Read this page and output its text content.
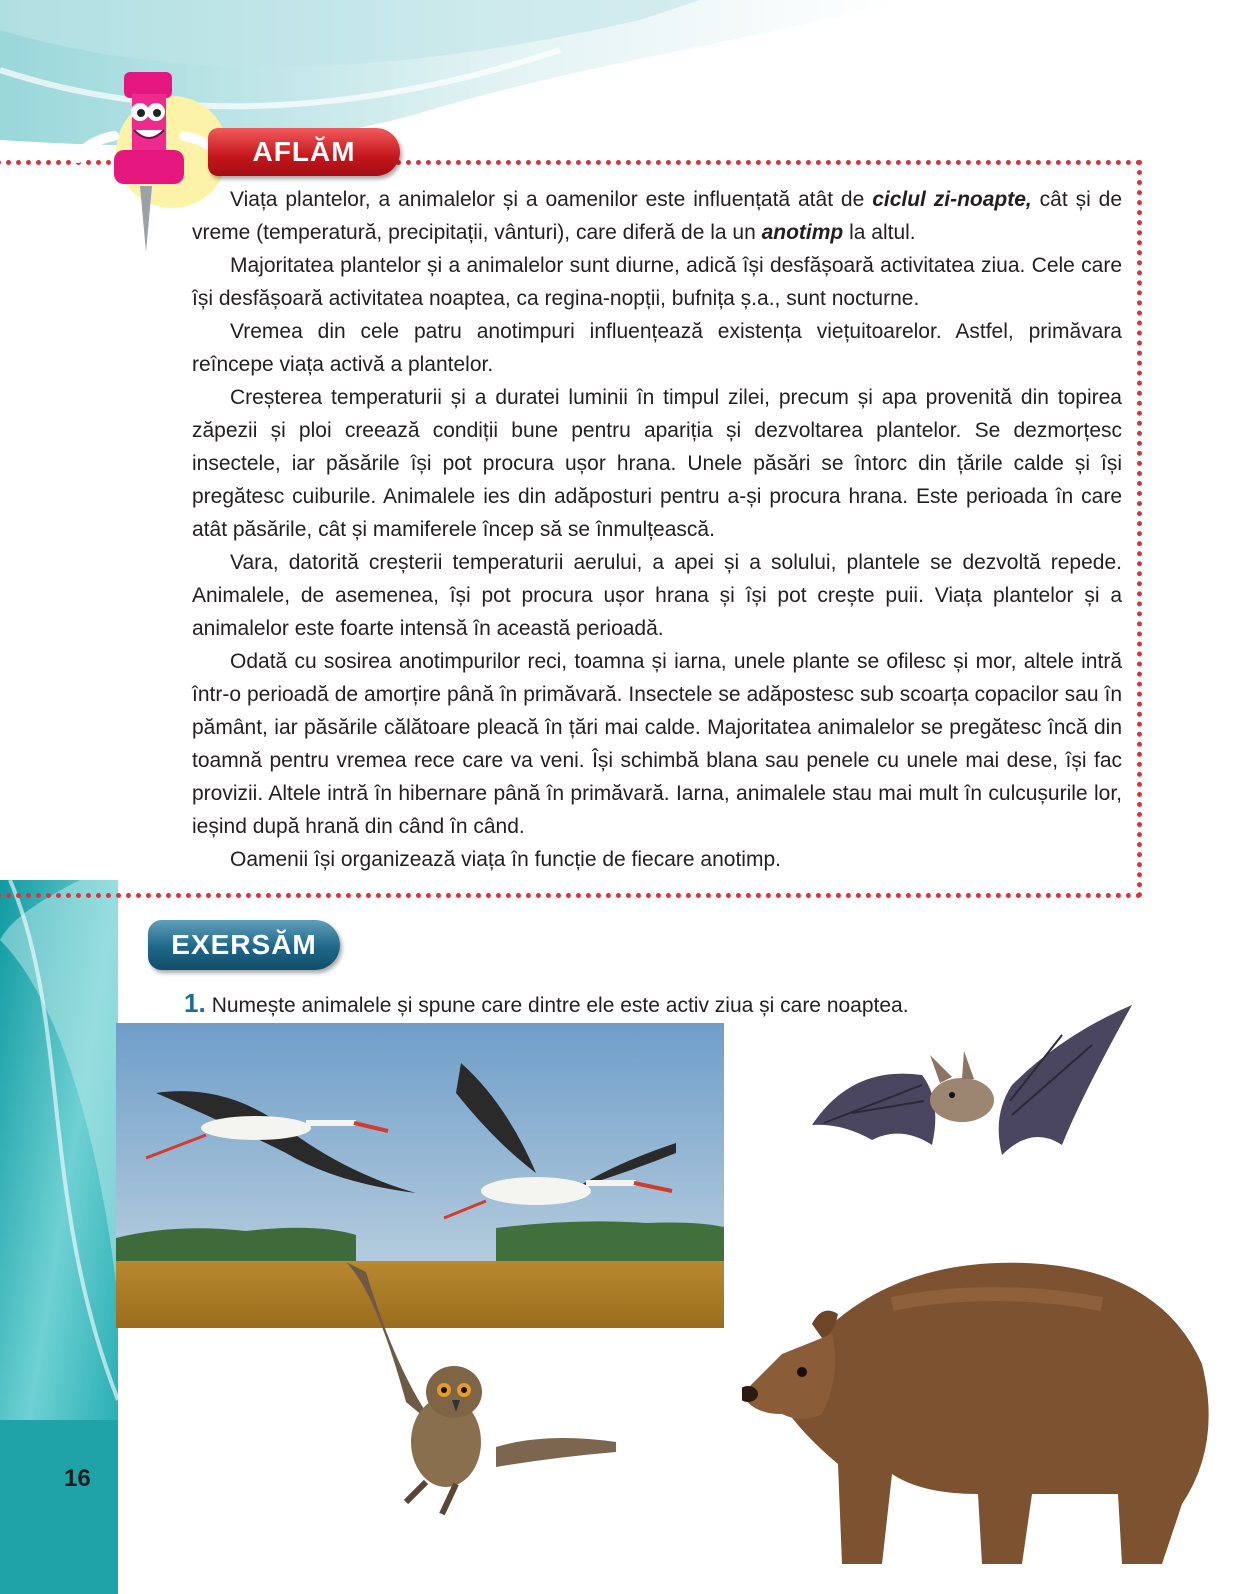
16
AFLĂM

Viața plantelor, a animalelor și a oamenilor este influențată atât de ciclul zi-noapte, cât și de vreme (temperatură, precipitații, vânturi), care diferă de la un anotimp la altul.

Majoritatea plantelor și a animalelor sunt diurne, adică își desfășoară activitatea ziua. Cele care își desfășoară activitatea noaptea, ca regina-nopții, bufnița ș.a., sunt nocturne.

Vremea din cele patru anotimpuri influențează existența viețuitoarelor. Astfel, primăvara reîncepe viața activă a plantelor.

Creșterea temperaturii și a duratei luminii în timpul zilei, precum și apa provenită din topirea zăpezii și ploi creează condiții bune pentru apariția și dezvoltarea plantelor. Se dezmorțesc insectele, iar păsările își pot procura ușor hrana. Unele păsări se întorc din țările calde și își pregătesc cuiburile. Animalele ies din adăposturi pentru a-și procura hrana. Este perioada în care atât păsările, cât și mamiferele încep să se înmulțească.

Vara, datorită creșterii temperaturii aerului, a apei și a solului, plantele se dezvoltă repede. Animalele, de asemenea, își pot procura ușor hrana și își pot crește puii. Viața plantelor și a animalelor este foarte intensă în această perioadă.

Odată cu sosirea anotimpurilor reci, toamna și iarna, unele plante se ofilesc și mor, altele intră într-o perioadă de amorțire până în primăvară. Insectele se adăpostesc sub scoarța copacilor sau în pământ, iar păsările călătoare pleacă în țări mai calde. Majoritatea animalelor se pregătesc încă din toamnă pentru vremea rece care va veni. Își schimbă blana sau penele cu unele mai dese, își fac provizii. Altele intră în hibernare până în primăvară. Iarna, animalele stau mai mult în culcușurile lor, ieșind după hrană din când în când.

Oamenii își organizează viața în funcție de fiecare anotimp.

EXERSĂM
1. Numește animalele și spune care dintre ele este activ ziua și care noaptea.
